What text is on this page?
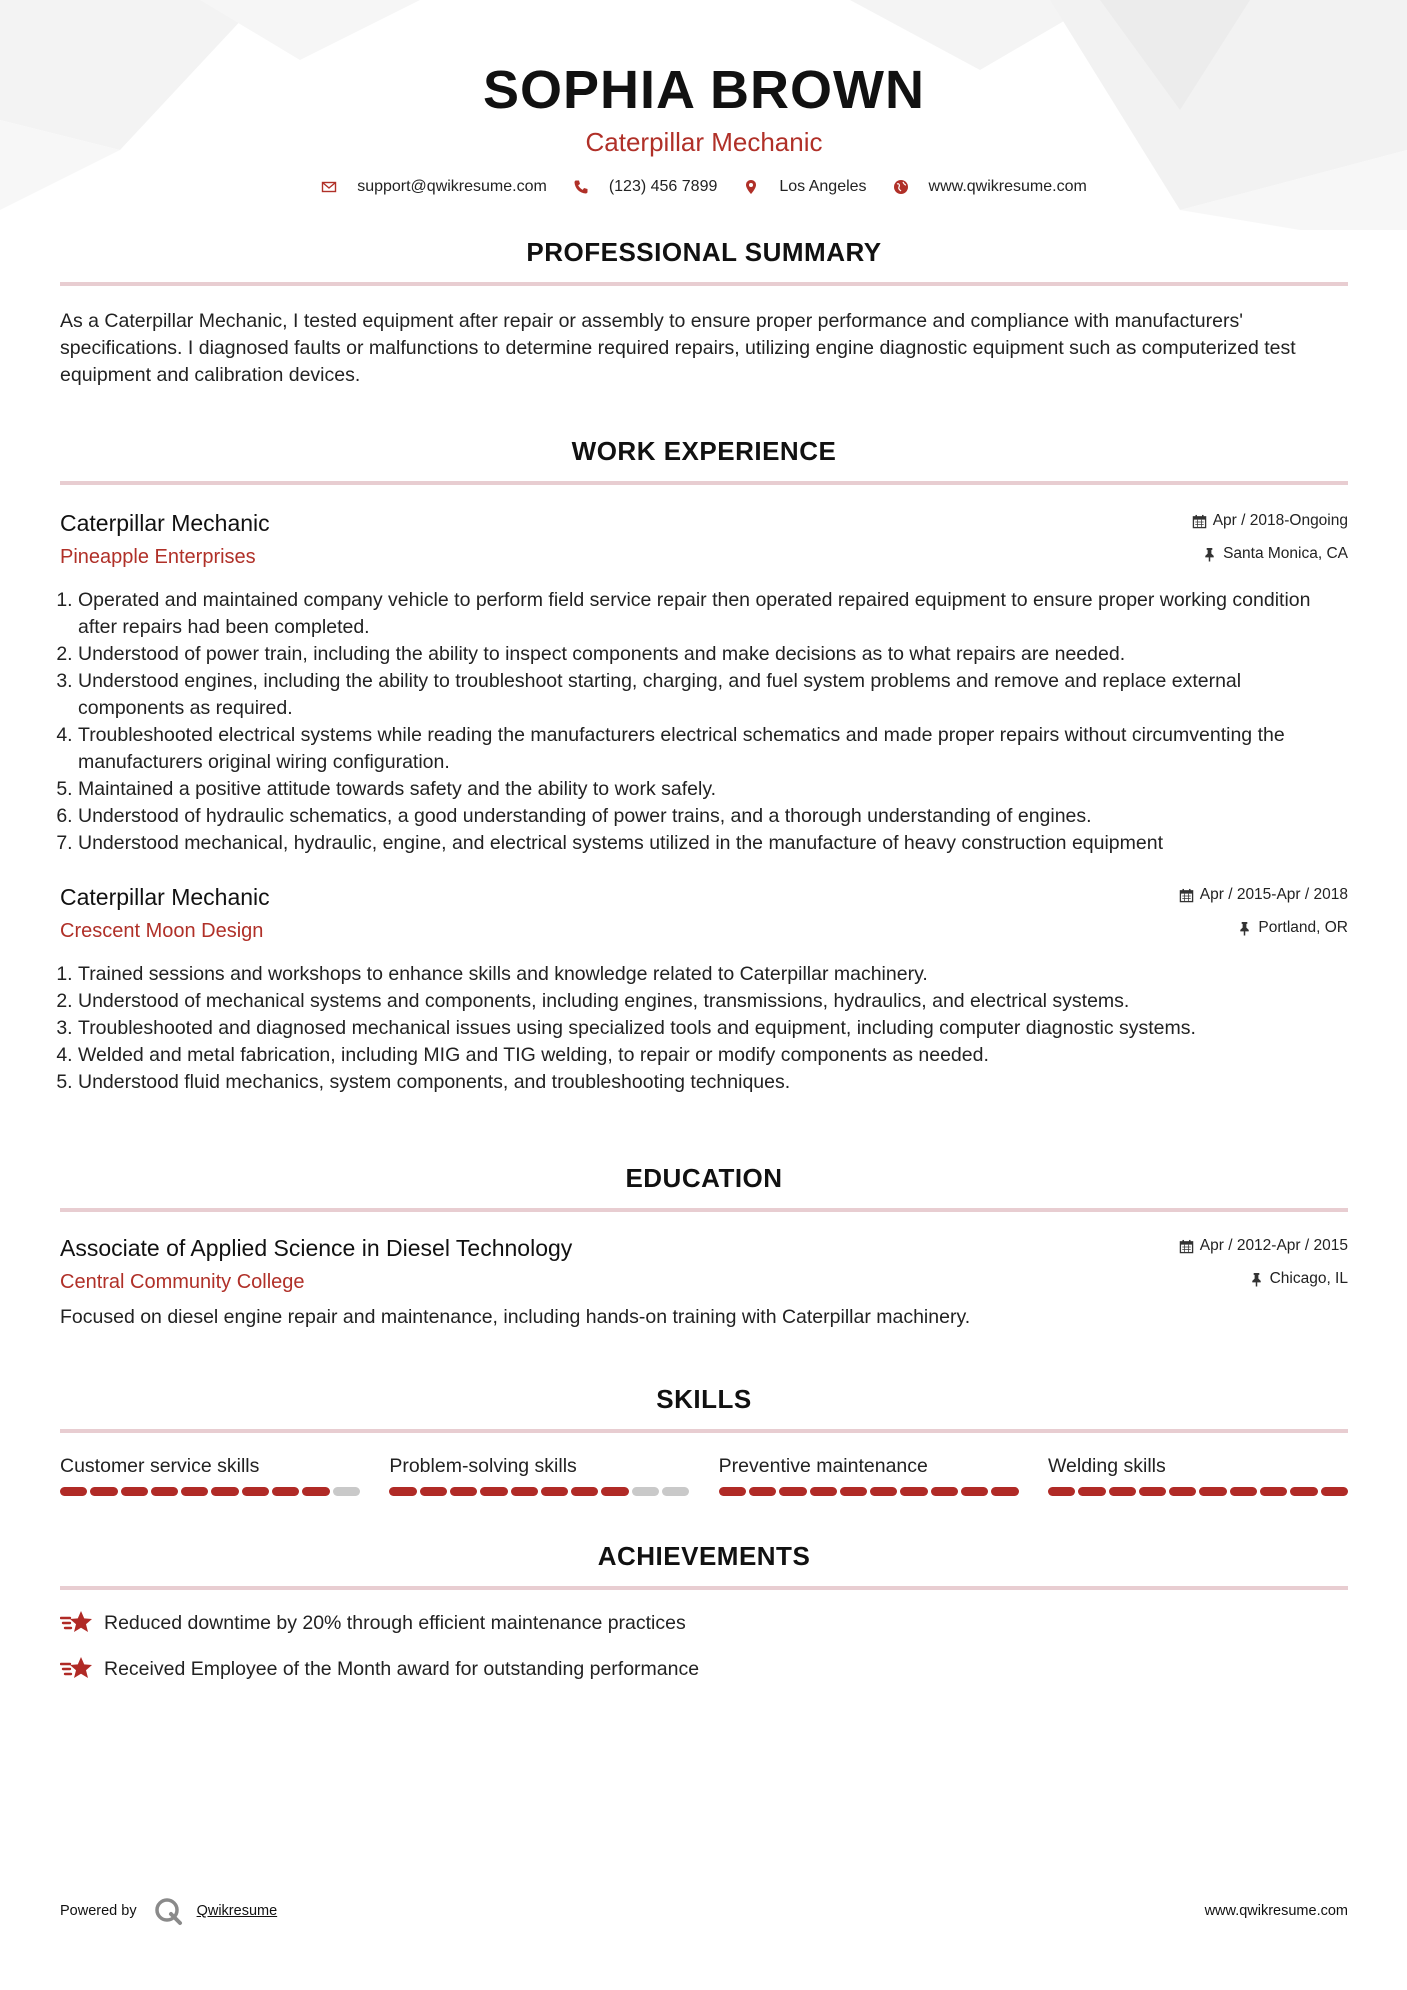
SOPHIA BROWN
Caterpillar Mechanic
support@qwikresume.com	(123) 456 7899	Los Angeles	www.qwikresume.com
PROFESSIONAL SUMMARY

As a Caterpillar Mechanic, I tested equipment after repair or assembly to ensure proper performance and compliance with manufacturers' specifications. I diagnosed faults or malfunctions to determine required repairs, utilizing engine diagnostic equipment such as computerized test equipment and calibration devices.

WORK EXPERIENCE
Caterpillar Mechanic
Pineapple Enterprises
Apr / 2018-Ongoing
Santa Monica, CA
1. Operated and maintained company vehicle to perform field service repair then operated repaired equipment to ensure proper working condition after repairs had been completed.
2. Understood of power train, including the ability to inspect components and make decisions as to what repairs are needed.
3. Understood engines, including the ability to troubleshoot starting, charging, and fuel system problems and remove and replace external components as required.
4. Troubleshooted electrical systems while reading the manufacturers electrical schematics and made proper repairs without circumventing the manufacturers original wiring configuration.
5. Maintained a positive attitude towards safety and the ability to work safely.
6. Understood of hydraulic schematics, a good understanding of power trains, and a thorough understanding of engines.
7. Understood mechanical, hydraulic, engine, and electrical systems utilized in the manufacture of heavy construction equipment
Caterpillar Mechanic
Crescent Moon Design
Apr / 2015-Apr / 2018
Portland, OR
1. Trained sessions and workshops to enhance skills and knowledge related to Caterpillar machinery.
2. Understood of mechanical systems and components, including engines, transmissions, hydraulics, and electrical systems.
3. Troubleshooted and diagnosed mechanical issues using specialized tools and equipment, including computer diagnostic systems.
4. Welded and metal fabrication, including MIG and TIG welding, to repair or modify components as needed.
5. Understood fluid mechanics, system components, and troubleshooting techniques.
EDUCATION
Associate of Applied Science in Diesel Technology
Central Community College
Apr / 2012-Apr / 2015
Chicago, IL
Focused on diesel engine repair and maintenance, including hands-on training with Caterpillar machinery.
SKILLS
Customer service skills	Problem-solving skills	Preventive maintenance	Welding skills
ACHIEVEMENTS
Reduced downtime by 20% through efficient maintenance practices
Received Employee of the Month award for outstanding performance
Powered by	Qwikresume	www.qwikresume.com
